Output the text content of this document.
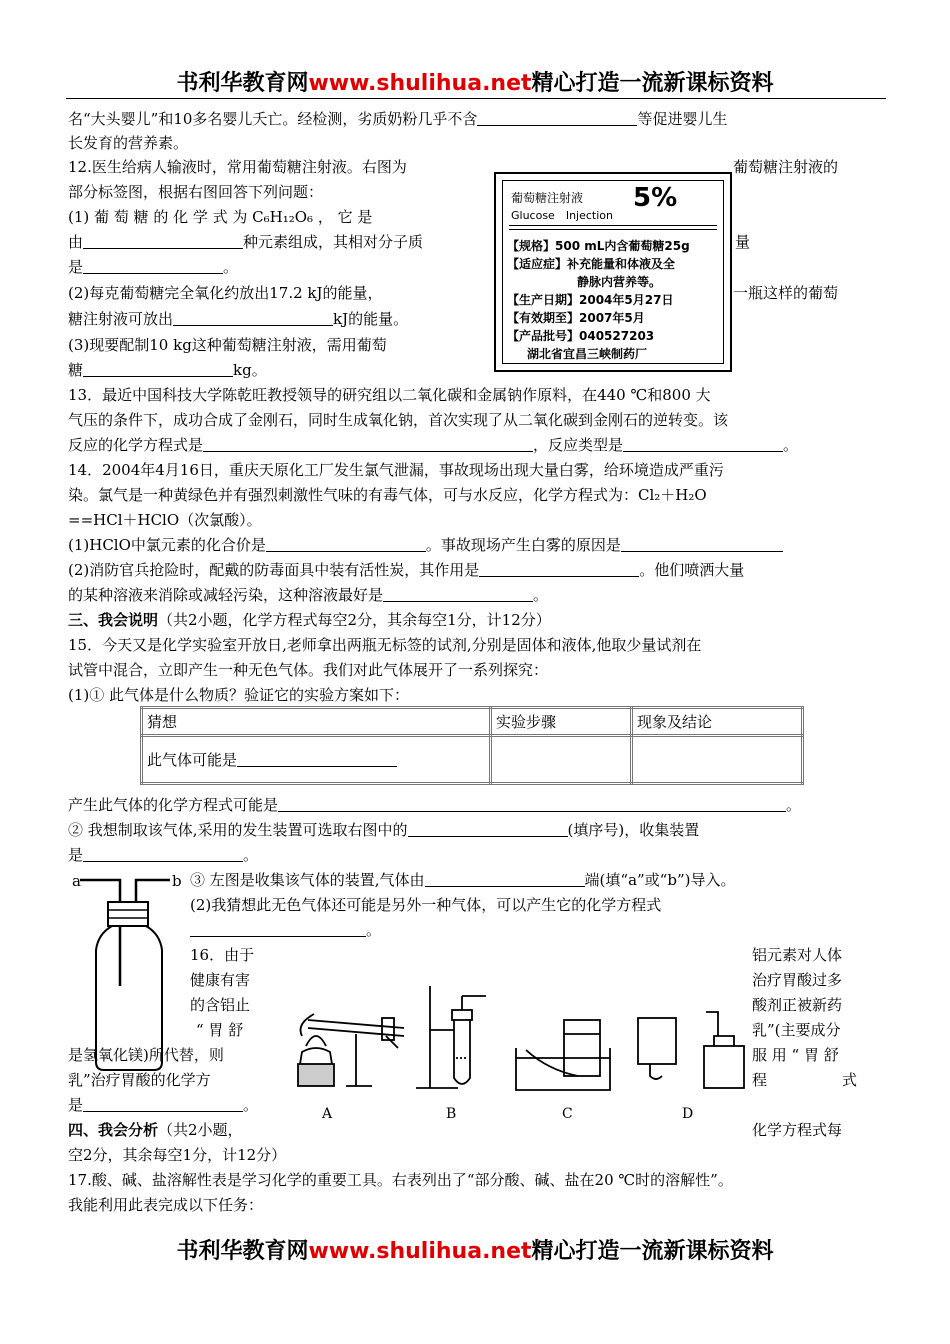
书利华教育网www.shulihua.net精心打造一流新课标资料
书利华教育网www.shulihua.net精心打造一流新课标资料
名“大头婴儿”和10多名婴儿夭亡。经检测，劣质奶粉几乎不含	等促进婴儿生
长发育的营养素。
12.医生给病人输液时，常用葡萄糖注射液。右图为	葡萄糖注射液的
部分标签图，根据右图回答下列问题：
(1) 葡 萄 糖 的 化 学 式 为 C₆H₁₂O₆ ， 它 是
由	种元素组成，其相对分子质	量
是	。
(2)每克葡萄糖完全氧化约放出17.2 kJ的能量，	一瓶这样的葡萄
糖注射液可放出	kJ的能量。
(3)现要配制10 kg这种葡萄糖注射液，需用葡萄
糖	kg。
葡萄糖注射液 5%
Glucose　Injection
【规格】500 mL内含葡萄糖25g
【适应症】补充能量和体液及全
静脉内营养等。
【生产日期】2004年5月27日
【有效期至】2007年5月
【产品批号】040527203
湖北省宜昌三峡制药厂
13．最近中国科技大学陈乾旺教授领导的研究组以二氧化碳和金属钠作原料，在440 ℃和800 大
气压的条件下，成功合成了金刚石，同时生成氧化钠，首次实现了从二氧化碳到金刚石的逆转变。该
反应的化学方程式是	，反应类型是	。
14．2004年4月16日，重庆天原化工厂发生氯气泄漏，事故现场出现大量白雾，给环境造成严重污
染。氯气是一种黄绿色并有强烈刺激性气味的有毒气体，可与水反应，化学方程式为：Cl₂＋H₂O
==HCl＋HClO（次氯酸）。
(1)HClO中氯元素的化合价是	。事故现场产生白雾的原因是
(2)消防官兵抢险时，配戴的防毒面具中装有活性炭，其作用是	。他们喷洒大量
的某种溶液来消除或减轻污染，这种溶液最好是	。
三、我会说明（共2小题，化学方程式每空2分，其余每空1分，计12分）
15．今天又是化学实验室开放日,老师拿出两瓶无标签的试剂,分别是固体和液体,他取少量试剂在
试管中混合，立即产生一种无色气体。我们对此气体展开了一系列探究：
(1)① 此气体是什么物质？验证它的实验方案如下：
猜想	实验步骤	现象及结论
此气体可能是		
产生此气体的化学方程式可能是	。
② 我想制取该气体,采用的发生装置可选取右图中的	(填序号)，收集装置
是	。
a	b ③ 左图是收集该气体的装置,气体由	端(填“a”或“b”)导入。
(2)我猜想此无色气体还可能是另外一种气体，可以产生它的化学方程式
。
16．由于	铝元素对人体
健康有害	治疗胃酸过多
的含铝止	酸剂正被新药
“ 胃 舒	乳”(主要成分
是氢氧化镁)所代替，则	服 用 “ 胃 舒
乳”治疗胃酸的化学方	程　　　　　式
是	。	A	B	C	D
四、我会分析（共2小题，	化学方程式每
空2分，其余每空1分，计12分）
17.酸、碱、盐溶解性表是学习化学的重要工具。右表列出了“部分酸、碱、盐在20 ℃时的溶解性”。
我能利用此表完成以下任务：
